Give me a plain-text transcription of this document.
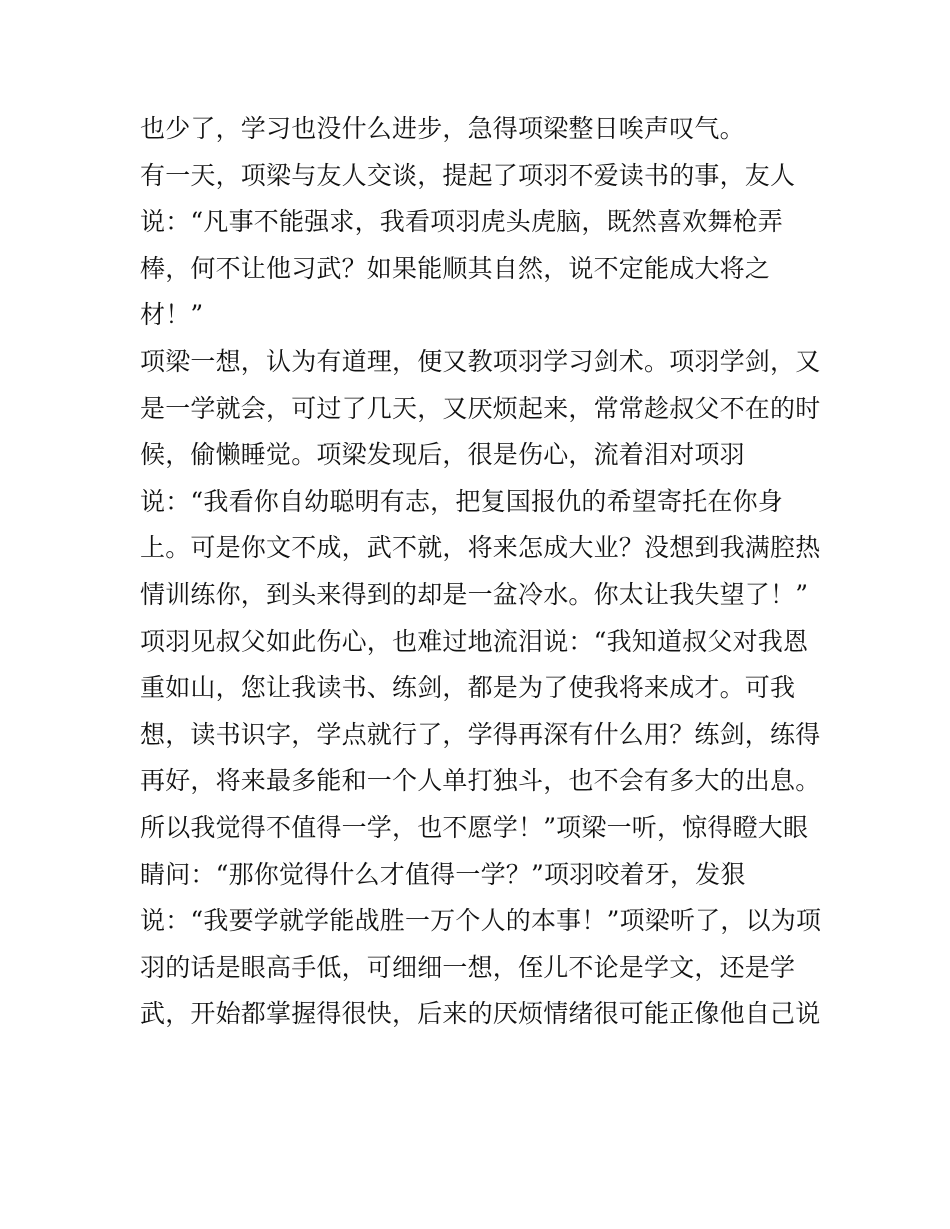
也少了，学习也没什么进步，急得项梁整日唉声叹气。
有一天，项梁与友人交谈，提起了项羽不爱读书的事，友人
说：“凡事不能强求，我看项羽虎头虎脑，既然喜欢舞枪弄
棒，何不让他习武？如果能顺其自然，说不定能成大将之
材！”
项梁一想，认为有道理，便又教项羽学习剑术。项羽学剑，又
是一学就会，可过了几天，又厌烦起来，常常趁叔父不在的时
候，偷懒睡觉。项梁发现后，很是伤心，流着泪对项羽
说：“我看你自幼聪明有志，把复国报仇的希望寄托在你身
上。可是你文不成，武不就，将来怎成大业？没想到我满腔热
情训练你，到头来得到的却是一盆冷水。你太让我失望了！”
项羽见叔父如此伤心，也难过地流泪说：“我知道叔父对我恩
重如山，您让我读书、练剑，都是为了使我将来成才。可我
想，读书识字，学点就行了，学得再深有什么用？练剑，练得
再好，将来最多能和一个人单打独斗，也不会有多大的出息。
所以我觉得不值得一学，也不愿学！”项梁一听，惊得瞪大眼
睛问：“那你觉得什么才值得一学？”项羽咬着牙，发狠
说：“我要学就学能战胜一万个人的本事！”项梁听了，以为项
羽的话是眼高手低，可细细一想，侄儿不论是学文，还是学
武，开始都掌握得很快，后来的厌烦情绪很可能正像他自己说
